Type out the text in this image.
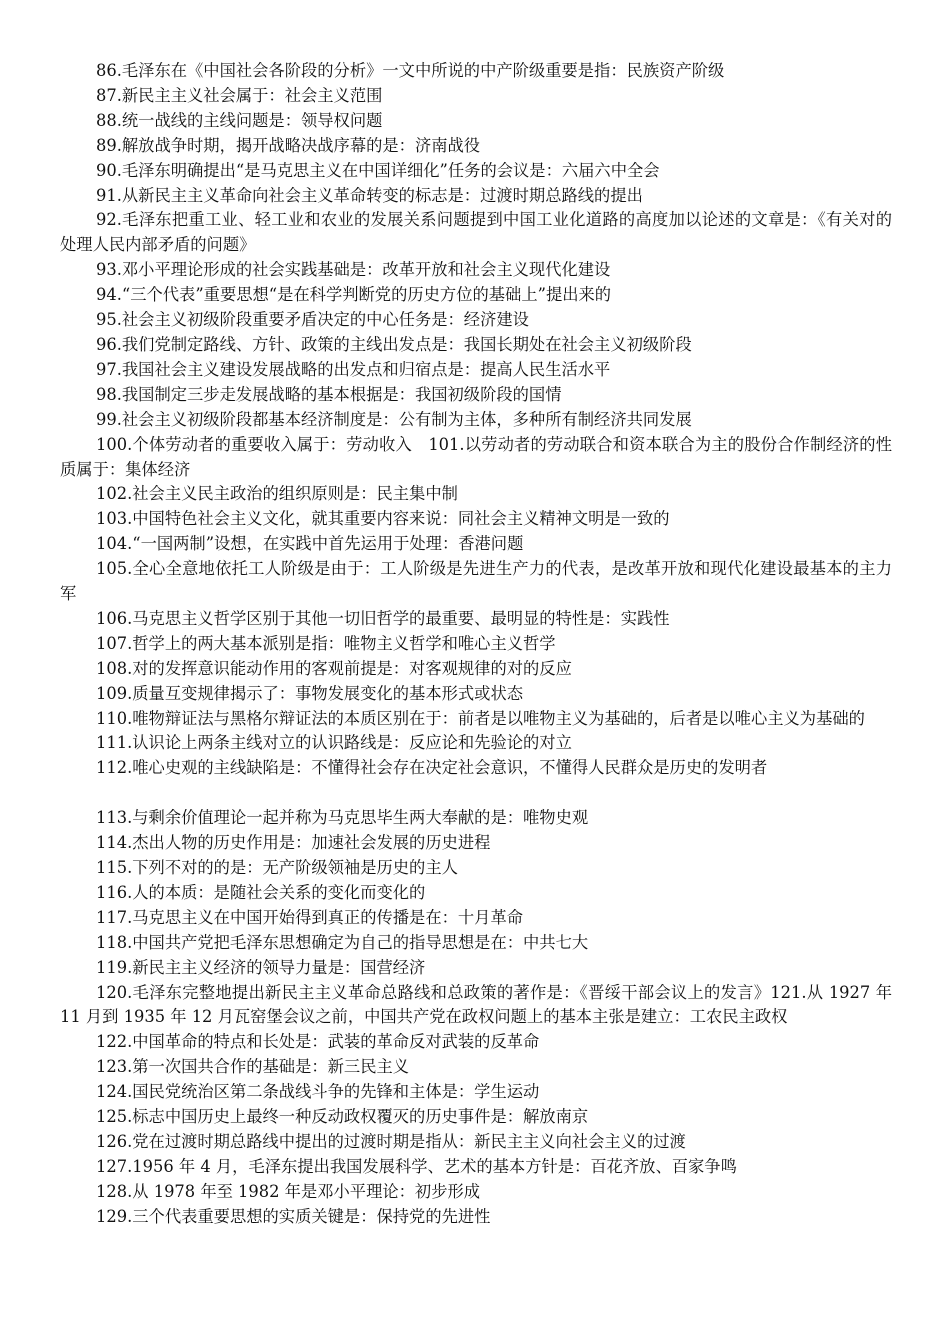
86.毛泽东在《中国社会各阶段的分析》一文中所说的中产阶级重要是指：民族资产阶级

87.新民主主义社会属于：社会主义范围

88.统一战线的主线问题是：领导权问题

89.解放战争时期，揭开战略决战序幕的是：济南战役

90.毛泽东明确提出“是马克思主义在中国详细化”任务的会议是：六届六中全会

91.从新民主主义革命向社会主义革命转变的标志是：过渡时期总路线的提出

92.毛泽东把重工业、轻工业和农业的发展关系问题提到中国工业化道路的高度加以论述的文章是：《有关对的处理人民内部矛盾的问题》

93.邓小平理论形成的社会实践基础是：改革开放和社会主义现代化建设

94.“三个代表”重要思想“是在科学判断党的历史方位的基础上”提出来的

95.社会主义初级阶段重要矛盾决定的中心任务是：经济建设

96.我们党制定路线、方针、政策的主线出发点是：我国长期处在社会主义初级阶段

97.我国社会主义建设发展战略的出发点和归宿点是：提高人民生活水平

98.我国制定三步走发展战略的基本根据是：我国初级阶段的国情

99.社会主义初级阶段都基本经济制度是：公有制为主体，多种所有制经济共同发展

100.个体劳动者的重要收入属于：劳动收入　101.以劳动者的劳动联合和资本联合为主的股份合作制经济的性质属于：集体经济

102.社会主义民主政治的组织原则是：民主集中制

103.中国特色社会主义文化，就其重要内容来说：同社会主义精神文明是一致的

104.“一国两制”设想，在实践中首先运用于处理：香港问题

105.全心全意地依托工人阶级是由于：工人阶级是先进生产力的代表，是改革开放和现代化建设最基本的主力军

106.马克思主义哲学区别于其他一切旧哲学的最重要、最明显的特性是：实践性

107.哲学上的两大基本派别是指：唯物主义哲学和唯心主义哲学

108.对的发挥意识能动作用的客观前提是：对客观规律的对的反应

109.质量互变规律揭示了：事物发展变化的基本形式或状态

110.唯物辩证法与黑格尔辩证法的本质区别在于：前者是以唯物主义为基础的，后者是以唯心主义为基础的

111.认识论上两条主线对立的认识路线是：反应论和先验论的对立

112.唯心史观的主线缺陷是：不懂得社会存在决定社会意识，不懂得人民群众是历史的发明者

113.与剩余价值理论一起并称为马克思毕生两大奉献的是：唯物史观

114.杰出人物的历史作用是：加速社会发展的历史进程

115.下列不对的的是：无产阶级领袖是历史的主人

116.人的本质：是随社会关系的变化而变化的

117.马克思主义在中国开始得到真正的传播是在：十月革命

118.中国共产党把毛泽东思想确定为自己的指导思想是在：中共七大

119.新民主主义经济的领导力量是：国营经济

120.毛泽东完整地提出新民主主义革命总路线和总政策的著作是：《晋绥干部会议上的发言》121.从 1927 年 11 月到 1935 年 12 月瓦窑堡会议之前，中国共产党在政权问题上的基本主张是建立：工农民主政权

122.中国革命的特点和长处是：武装的革命反对武装的反革命

123.第一次国共合作的基础是：新三民主义

124.国民党统治区第二条战线斗争的先锋和主体是：学生运动

125.标志中国历史上最终一种反动政权覆灭的历史事件是：解放南京

126.党在过渡时期总路线中提出的过渡时期是指从：新民主主义向社会主义的过渡

127.1956 年 4 月，毛泽东提出我国发展科学、艺术的基本方针是：百花齐放、百家争鸣

128.从 1978 年至 1982 年是邓小平理论：初步形成

129.三个代表重要思想的实质关键是：保持党的先进性
